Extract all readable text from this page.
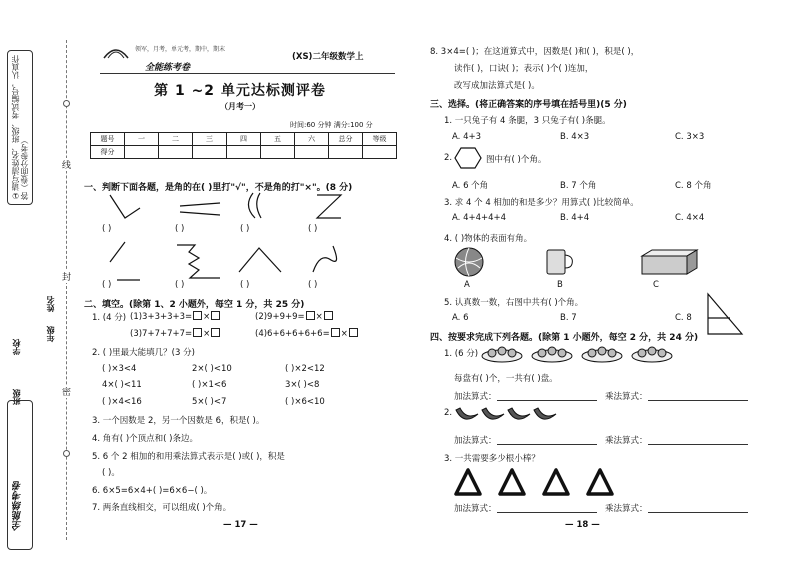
①请写清姓名、班级、考试编号，认真作答（卷面分参考）
学校
班级
年级
姓名
全能练考卷
线
封
密
领军，月考，单元考，期中，期末
全能练考卷
(XS)二年级数学上
第 1 ~2 单元达标测评卷
（月考一）
时间:60 分钟 满分:100 分
题号	一	二	三	四	五	六	总分	等级
得分								
一、判断下面各题，是角的在( )里打"√"，不是角的打"×"。(8 分)
( )	( )	( )	( )
( )	( )	( )	( )
二、填空。(除第 1、2 小题外，每空 1 分，共 25 分)
1. (4 分) (1)3+3+3+3= ×	(2)9+9+9= ×
(3)7+7+7+7= ×	(4)6+6+6+6+6= ×
2. ( )里最大能填几？(3 分)
( )×3<4	2×( )<10	( )×2<12
4×( )<11	( )×1<6	3×( )<8
( )×4<16	5×( )<7	( )×6<10
3. 一个因数是 2，另一个因数是 6，积是( )。
4. 角有( )个顶点和( )条边。
5. 6 个 2 相加的和用乘法算式表示是( )或( )，积是
( )。
6. 6×5=6×4+( )=6×6−( )。
7. 两条直线相交，可以组成( )个角。
— 17 —
8. 3×4=( )；在这道算式中，因数是( )和( )，积是( )，
读作( )，口诀( )；表示( )个( )连加，
改写成加法算式是( )。
三、选择。(将正确答案的序号填在括号里)(5 分)
1. 一只兔子有 4 条腿，3 只兔子有( )条腿。
A. 4+3	B. 4×3	C. 3×3
2.	图中有( )个角。
A. 6 个角	B. 7 个角	C. 8 个角
3. 求 4 个 4 相加的和是多少？用算式( )比较简单。
A. 4+4+4+4	B. 4+4	C. 4×4
4. ( )物体的表面有角。
A	B	C
5. 认真数一数，右图中共有( )个角。
A. 6	B. 7	C. 8
四、按要求完成下列各题。(除第 1 小题外，每空 2 分，共 24 分)
1. (6 分)
每盘有( )个，一共有( )盘。
加法算式：	乘法算式：
2.
加法算式：	乘法算式：
3. 一共需要多少根小棒？
加法算式：	乘法算式：
— 18 —
